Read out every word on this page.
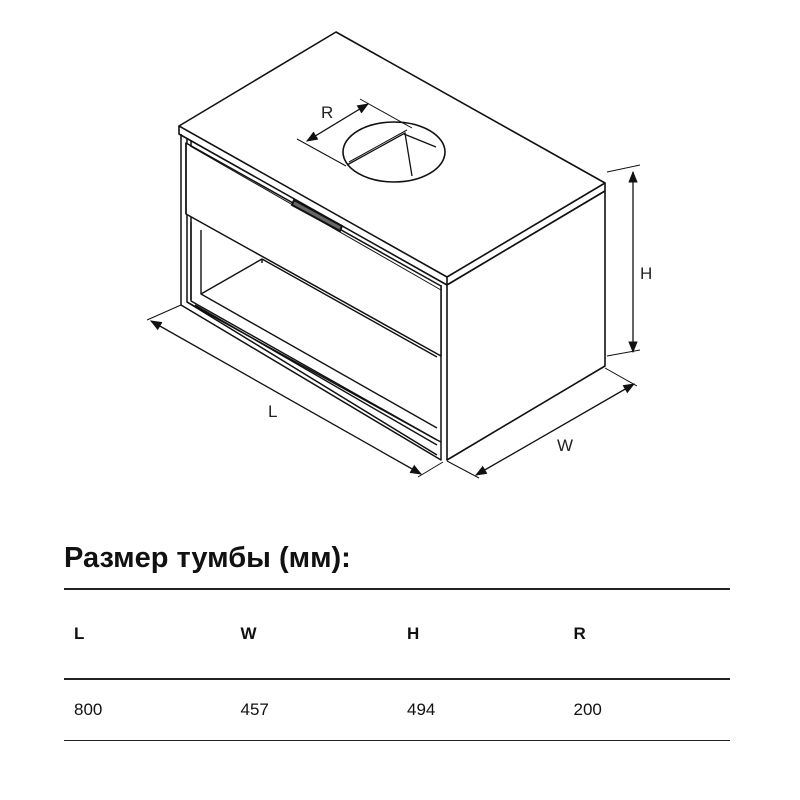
R
H
L
W
Размер тумбы (мм):
L	W	H	R
800	457	494	200
